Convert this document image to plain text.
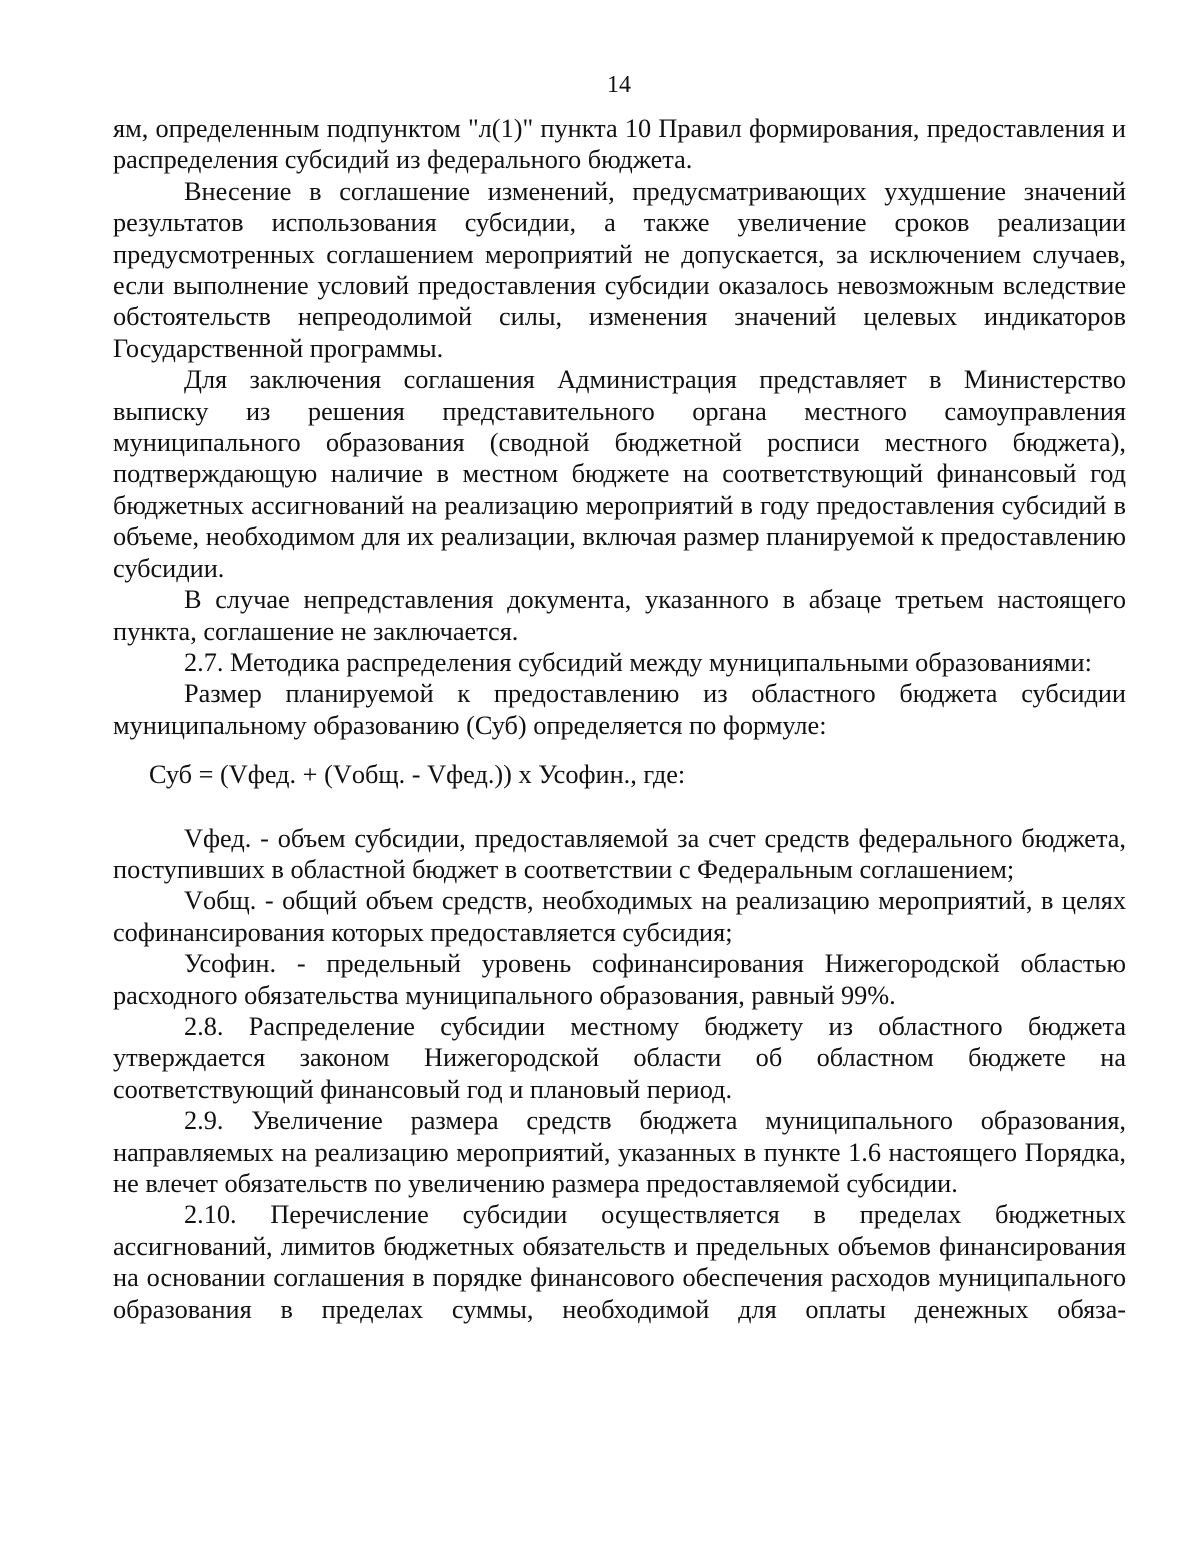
14

ям, определенным подпунктом "л(1)" пункта 10 Правил формирования, предоставления и распределения субсидий из федерального бюджета.

Внесение в соглашение изменений, предусматривающих ухудшение значений результатов использования субсидии, а также увеличение сроков реализации предусмотренных соглашением мероприятий не допускается, за исключением случаев, если выполнение условий предоставления субсидии оказалось невозможным вследствие обстоятельств непреодолимой силы, изменения значений целевых индикаторов Государственной программы.

Для заключения соглашения Администрация представляет в Министерство выписку из решения представительного органа местного самоуправления муниципального образования (сводной бюджетной росписи местного бюджета), подтверждающую наличие в местном бюджете на соответствующий финансовый год бюджетных ассигнований на реализацию мероприятий в году предоставления субсидий в объеме, необходимом для их реализации, включая размер планируемой к предоставлению субсидии.

В случае непредставления документа, указанного в абзаце третьем настоящего пункта, соглашение не заключается.

2.7. Методика распределения субсидий между муниципальными образованиями:

Размер планируемой к предоставлению из областного бюджета субсидии муниципальному образованию (Суб) определяется по формуле:

Суб = (Vфед. + (Vобщ. - Vфед.)) х Усофин., где:

Vфед. - объем субсидии, предоставляемой за счет средств федерального бюджета, поступивших в областной бюджет в соответствии с Федеральным соглашением;

Vобщ. - общий объем средств, необходимых на реализацию мероприятий, в целях софинансирования которых предоставляется субсидия;

Усофин. - предельный уровень софинансирования Нижегородской областью расходного обязательства муниципального образования, равный 99%.

2.8. Распределение субсидии местному бюджету из областного бюджета утверждается законом Нижегородской области об областном бюджете на соответствующий финансовый год и плановый период.

2.9. Увеличение размера средств бюджета муниципального образования, направляемых на реализацию мероприятий, указанных в пункте 1.6 настоящего Порядка, не влечет обязательств по увеличению размера предоставляемой субсидии.

2.10. Перечисление субсидии осуществляется в пределах бюджетных ассигнований, лимитов бюджетных обязательств и предельных объемов финансирования на основании соглашения в порядке финансового обеспечения расходов муниципального образования в пределах суммы, необходимой для оплаты денежных обяза-
